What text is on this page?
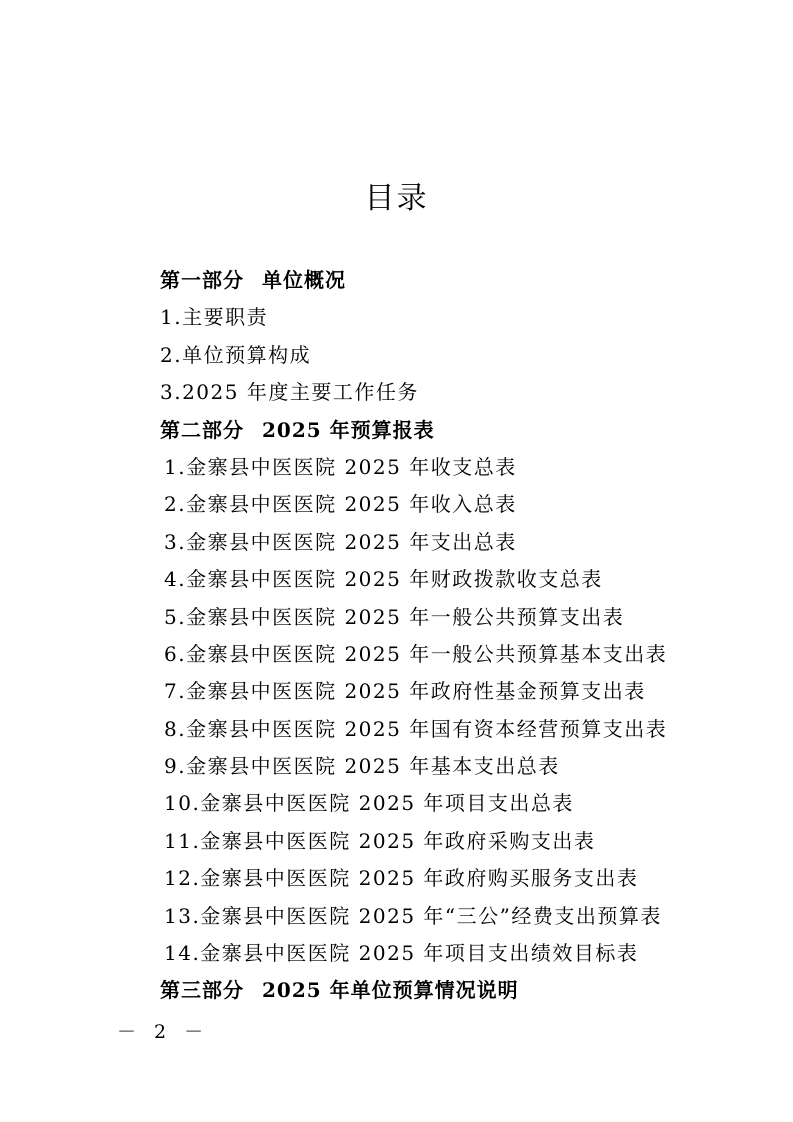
目录
第一部分 单位概况
1.主要职责
2.单位预算构成
3.2025 年度主要工作任务
第二部分 2025 年预算报表
1.金寨县中医医院 2025 年收支总表
2.金寨县中医医院 2025 年收入总表
3.金寨县中医医院 2025 年支出总表
4.金寨县中医医院 2025 年财政拨款收支总表
5.金寨县中医医院 2025 年一般公共预算支出表
6.金寨县中医医院 2025 年一般公共预算基本支出表
7.金寨县中医医院 2025 年政府性基金预算支出表
8.金寨县中医医院 2025 年国有资本经营预算支出表
9.金寨县中医医院 2025 年基本支出总表
10.金寨县中医医院 2025 年项目支出总表
11.金寨县中医医院 2025 年政府采购支出表
12.金寨县中医医院 2025 年政府购买服务支出表
13.金寨县中医医院 2025 年“三公”经费支出预算表
14.金寨县中医医院 2025 年项目支出绩效目标表
第三部分 2025 年单位预算情况说明
－ 2 －
